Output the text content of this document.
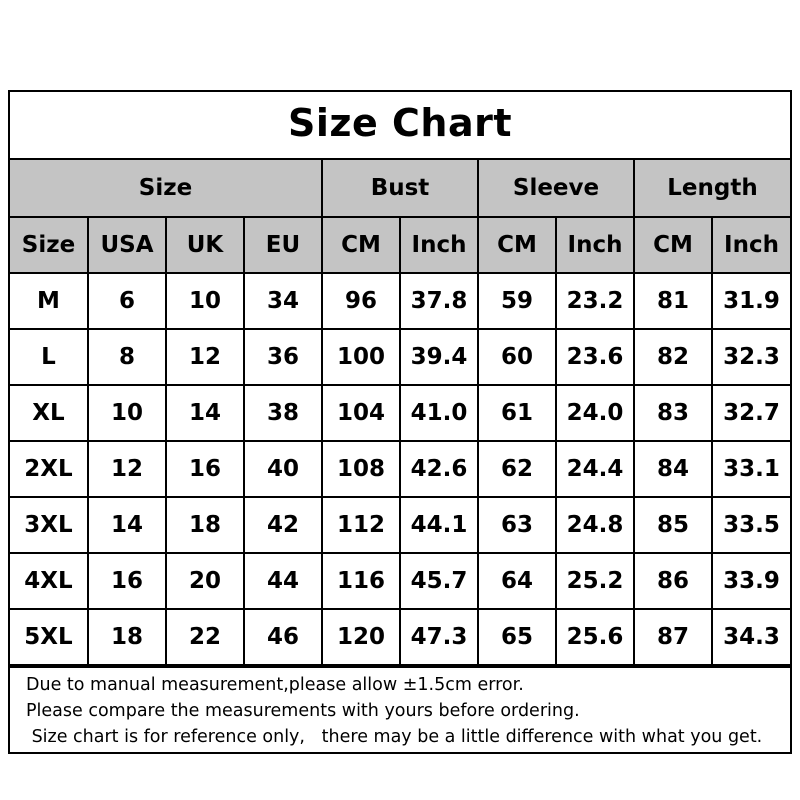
Size Chart									
Size				Bust		Sleeve		Length	
Size	USA	UK	EU	CM	Inch	CM	Inch	CM	Inch
M	6	10	34	96	37.8	59	23.2	81	31.9
L	8	12	36	100	39.4	60	23.6	82	32.3
XL	10	14	38	104	41.0	61	24.0	83	32.7
2XL	12	16	40	108	42.6	62	24.4	84	33.1
3XL	14	18	42	112	44.1	63	24.8	85	33.5
4XL	16	20	44	116	45.7	64	25.2	86	33.9
5XL	18	22	46	120	47.3	65	25.6	87	34.3

Due to manual measurement,please allow ±1.5cm error.

Please compare the measurements with yours before ordering.

Size chart is for reference only,   there may be a little difference with what you get.
